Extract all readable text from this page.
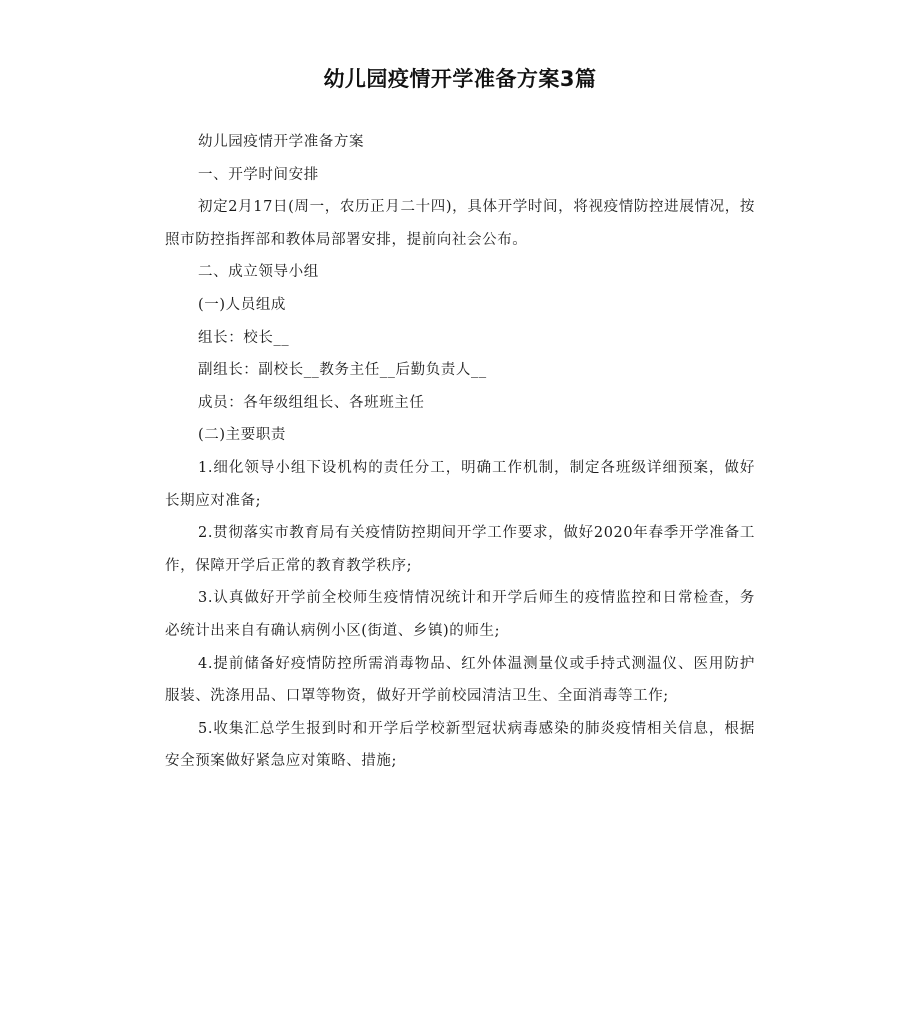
幼儿园疫情开学准备方案3篇

幼儿园疫情开学准备方案

一、开学时间安排

初定2月17日(周一，农历正月二十四)，具体开学时间，将视疫情防控进展情况，按照市防控指挥部和教体局部署安排，提前向社会公布。

二、成立领导小组

(一)人员组成

组长：校长__

副组长：副校长__教务主任__后勤负责人__

成员：各年级组组长、各班班主任

(二)主要职责

1.细化领导小组下设机构的责任分工，明确工作机制，制定各班级详细预案，做好长期应对准备;

2.贯彻落实市教育局有关疫情防控期间开学工作要求，做好2020年春季开学准备工作，保障开学后正常的教育教学秩序;

3.认真做好开学前全校师生疫情情况统计和开学后师生的疫情监控和日常检查，务必统计出来自有确认病例小区(街道、乡镇)的师生;

4.提前储备好疫情防控所需消毒物品、红外体温测量仪或手持式测温仪、医用防护服装、洗涤用品、口罩等物资，做好开学前校园清洁卫生、全面消毒等工作;

5.收集汇总学生报到时和开学后学校新型冠状病毒感染的肺炎疫情相关信息，根据安全预案做好紧急应对策略、措施;
